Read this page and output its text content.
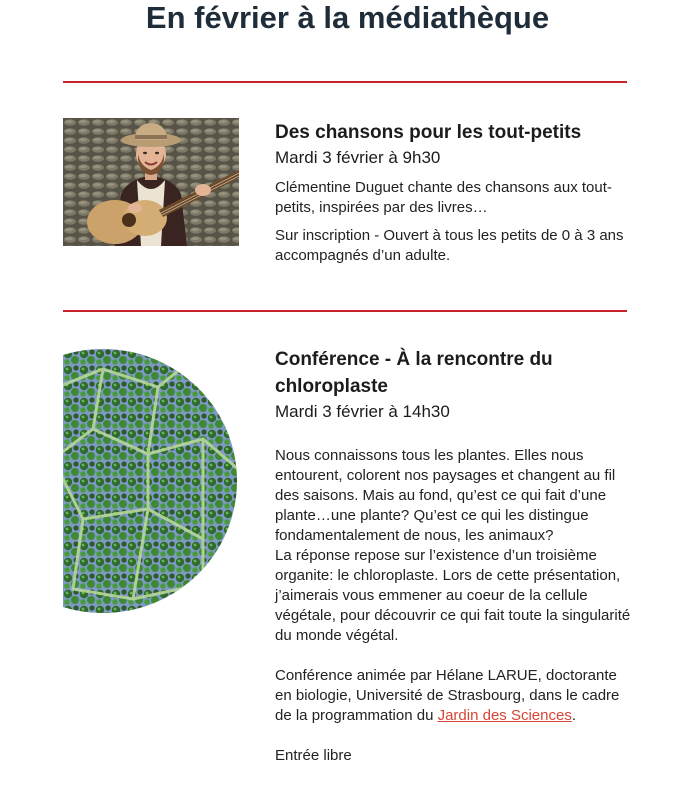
En février à la médiathèque
Des chansons pour les tout-petits

Mardi 3 février à 9h30

Clémentine Duguet chante des chansons aux tout-petits, inspirées par des livres…

Sur inscription - Ouvert à tous les petits de 0 à 3 ans accompagnés d’un adulte.

Conférence - À la rencontre du chloroplaste

Mardi 3 février à 14h30

Nous connaissons tous les plantes. Elles nous entourent, colorent nos paysages et changent au fil des saisons. Mais au fond, qu’est ce qui fait d’une plante…une plante? Qu’est ce qui les distingue fondamentalement de nous, les animaux?

La réponse repose sur l’existence d’un troisième organite: le chloroplaste. Lors de cette présentation, j’aimerais vous emmener au coeur de la cellule végétale, pour découvrir ce qui fait toute la singularité du monde végétal.

Conférence animée par Hélane LARUE, doctorante en biologie, Université de Strasbourg, dans le cadre de la programmation du Jardin des Sciences.

Entrée libre
